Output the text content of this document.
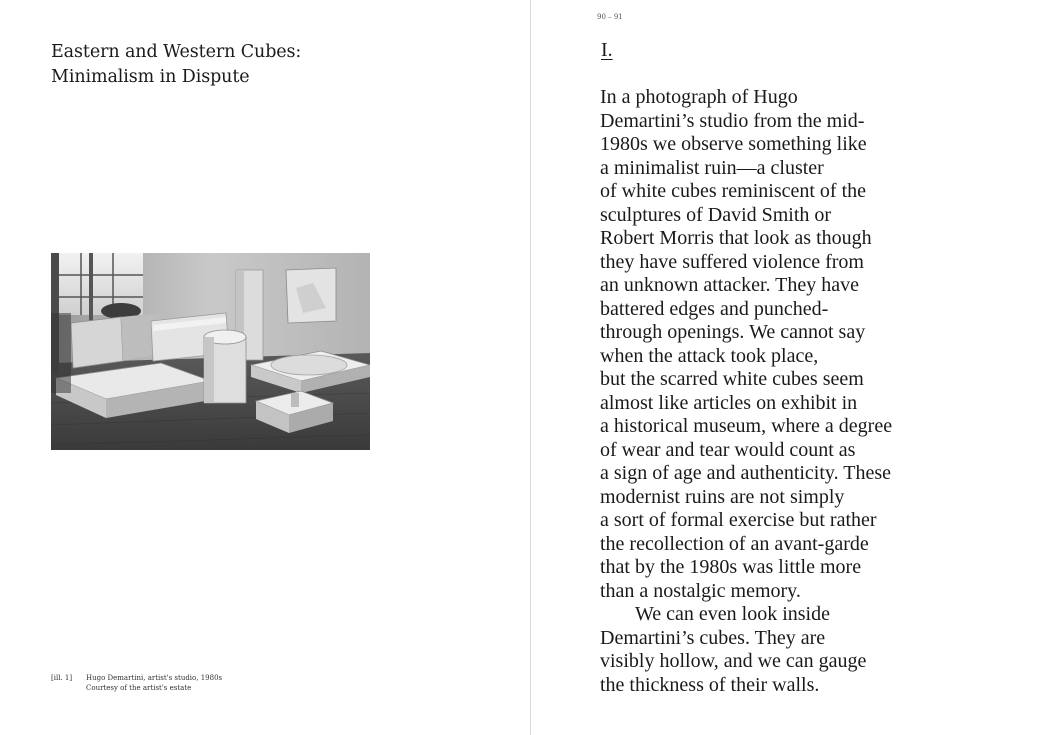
Eastern and Western Cubes:
Minimalism in Dispute
[ill. 1] Hugo Demartini, artist's studio, 1980s
Courtesy of the artist's estate
90 – 91
I.
In a photograph of Hugo
Demartini’s studio from the mid-
1980s we observe something like
a minimalist ruin—a cluster
of white cubes reminiscent of the
sculptures of David Smith or
Robert Morris that look as though
they have suffered violence from
an unknown attacker. They have
battered edges and punched-
through openings. We cannot say
when the attack took place,
but the scarred white cubes seem
almost like articles on exhibit in
a historical museum, where a degree
of wear and tear would count as
a sign of age and authenticity. These
modernist ruins are not simply
a sort of formal exercise but rather
the recollection of an avant-garde
that by the 1980s was little more
than a nostalgic memory.
We can even look inside
Demartini’s cubes. They are
visibly hollow, and we can gauge
the thickness of their walls.
